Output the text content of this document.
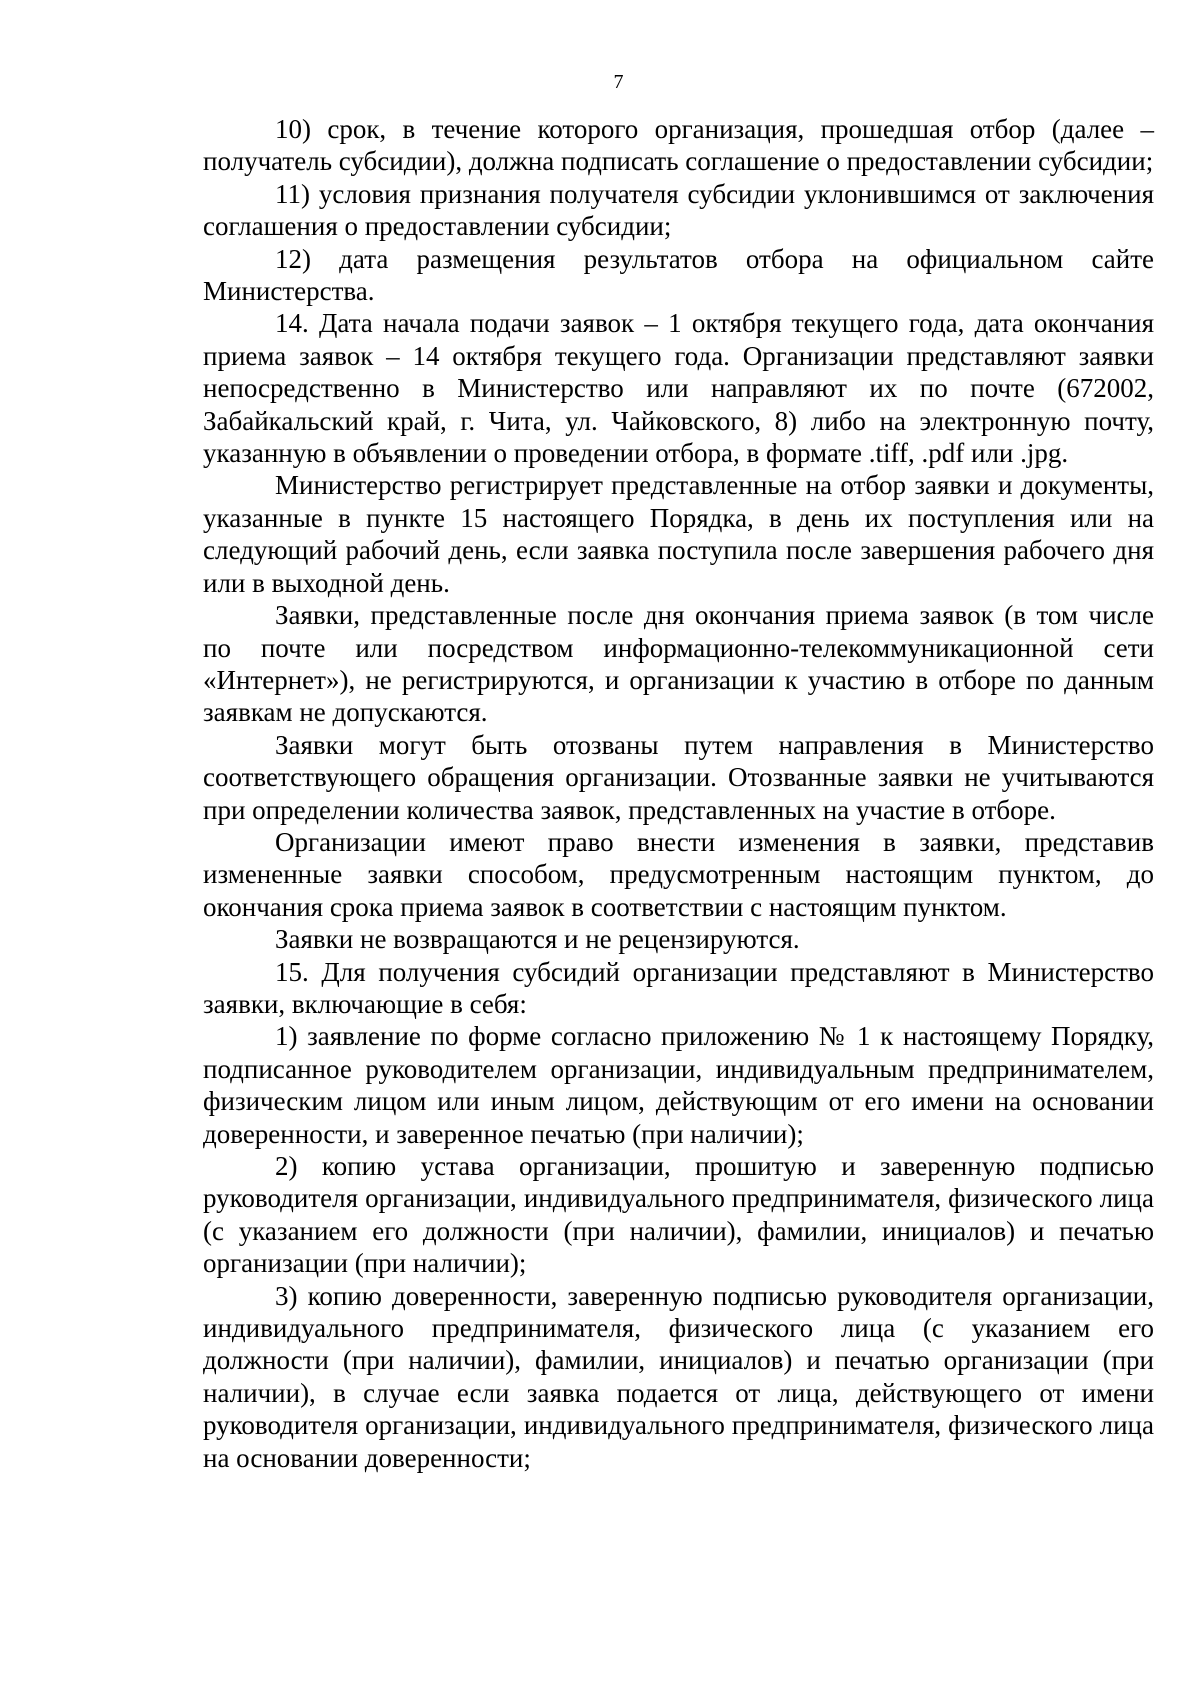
7

10) срок, в течение которого организация, прошедшая отбор (далее – получатель субсидии), должна подписать соглашение о предоставлении субсидии;

11) условия признания получателя субсидии уклонившимся от заключения соглашения о предоставлении субсидии;

12) дата размещения результатов отбора на официальном сайте Министерства.

14. Дата начала подачи заявок – 1 октября текущего года, дата окончания приема заявок – 14 октября текущего года. Организации представляют заявки непосредственно в Министерство или направляют их по почте (672002, Забайкальский край, г. Чита, ул. Чайковского, 8) либо на электронную почту, указанную в объявлении о проведении отбора, в формате .tiff, .pdf или .jpg.

Министерство регистрирует представленные на отбор заявки и документы, указанные в пункте 15 настоящего Порядка, в день их поступления или на следующий рабочий день, если заявка поступила после завершения рабочего дня или в выходной день.

Заявки, представленные после дня окончания приема заявок (в том числе по почте или посредством информационно-телекоммуникационной сети «Интернет»), не регистрируются, и организации к участию в отборе по данным заявкам не допускаются.

Заявки могут быть отозваны путем направления в Министерство соответствующего обращения организации. Отозванные заявки не учитываются при определении количества заявок, представленных на участие в отборе.

Организации имеют право внести изменения в заявки, представив измененные заявки способом, предусмотренным настоящим пунктом, до окончания срока приема заявок в соответствии с настоящим пунктом.

Заявки не возвращаются и не рецензируются.

15. Для получения субсидий организации представляют в Министерство заявки, включающие в себя:

1) заявление по форме согласно приложению № 1 к настоящему Порядку, подписанное руководителем организации, индивидуальным предпринимателем, физическим лицом или иным лицом, действующим от его имени на основании доверенности, и заверенное печатью (при наличии);

2) копию устава организации, прошитую и заверенную подписью руководителя организации, индивидуального предпринимателя, физического лица (с указанием его должности (при наличии), фамилии, инициалов) и печатью организации (при наличии);

3) копию доверенности, заверенную подписью руководителя организации, индивидуального предпринимателя, физического лица (с указанием его должности (при наличии), фамилии, инициалов) и печатью организации (при наличии), в случае если заявка подается от лица, действующего от имени руководителя организации, индивидуального предпринимателя, физического лица на основании доверенности;
